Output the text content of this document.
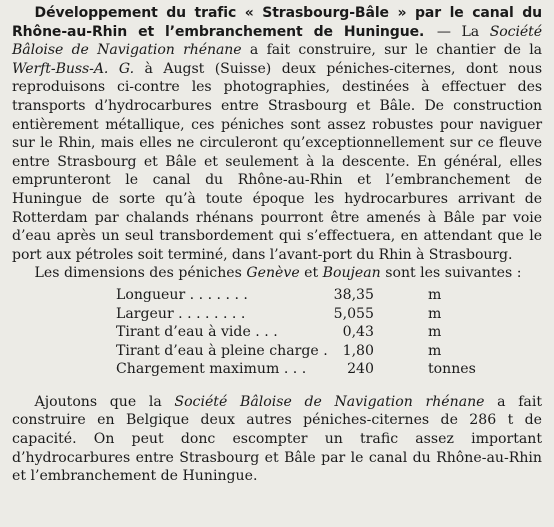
Développement du trafic « Strasbourg-Bâle » par le canal du Rhône-au-Rhin et l’embranchement de Huningue. — La Société Bâloise de Navigation rhénane a fait construire, sur le chantier de la Werft-Buss-A. G. à Augst (Suisse) deux péniches-citernes, dont nous reproduisons ci-contre les photographies, destinées à effectuer des transports d’hydrocarbures entre Strasbourg et Bâle. De construction entièrement métallique, ces péniches sont assez robustes pour naviguer sur le Rhin, mais elles ne circuleront qu’exceptionnellement sur ce fleuve entre Strasbourg et Bâle et seulement à la descente. En général, elles emprunteront le canal du Rhône-au-Rhin et l’embranchement de Huningue de sorte qu’à toute époque les hydrocarbures arrivant de Rotterdam par chalands rhénans pourront être amenés à Bâle par voie d’eau après un seul transbordement qui s’effectuera, en attendant que le port aux pétroles soit terminé, dans l’avant-port du Rhin à Strasbourg.

Les dimensions des péniches Genève et Boujean sont les suivantes :

Longueur . . . . . . .	38,35	m
Largeur . . . . . . . .	5,055	m
Tirant d’eau à vide . . .	0,43	m
Tirant d’eau à pleine charge . 1,80	m
Chargement maximum . . .	240	tonnes

Ajoutons que la Société Bâloise de Navigation rhénane a fait construire en Belgique deux autres péniches-citernes de 286 t de capacité. On peut donc escompter un trafic assez important d’hydrocarbures entre Strasbourg et Bâle par le canal du Rhône-au-Rhin et l’embranchement de Huningue.
